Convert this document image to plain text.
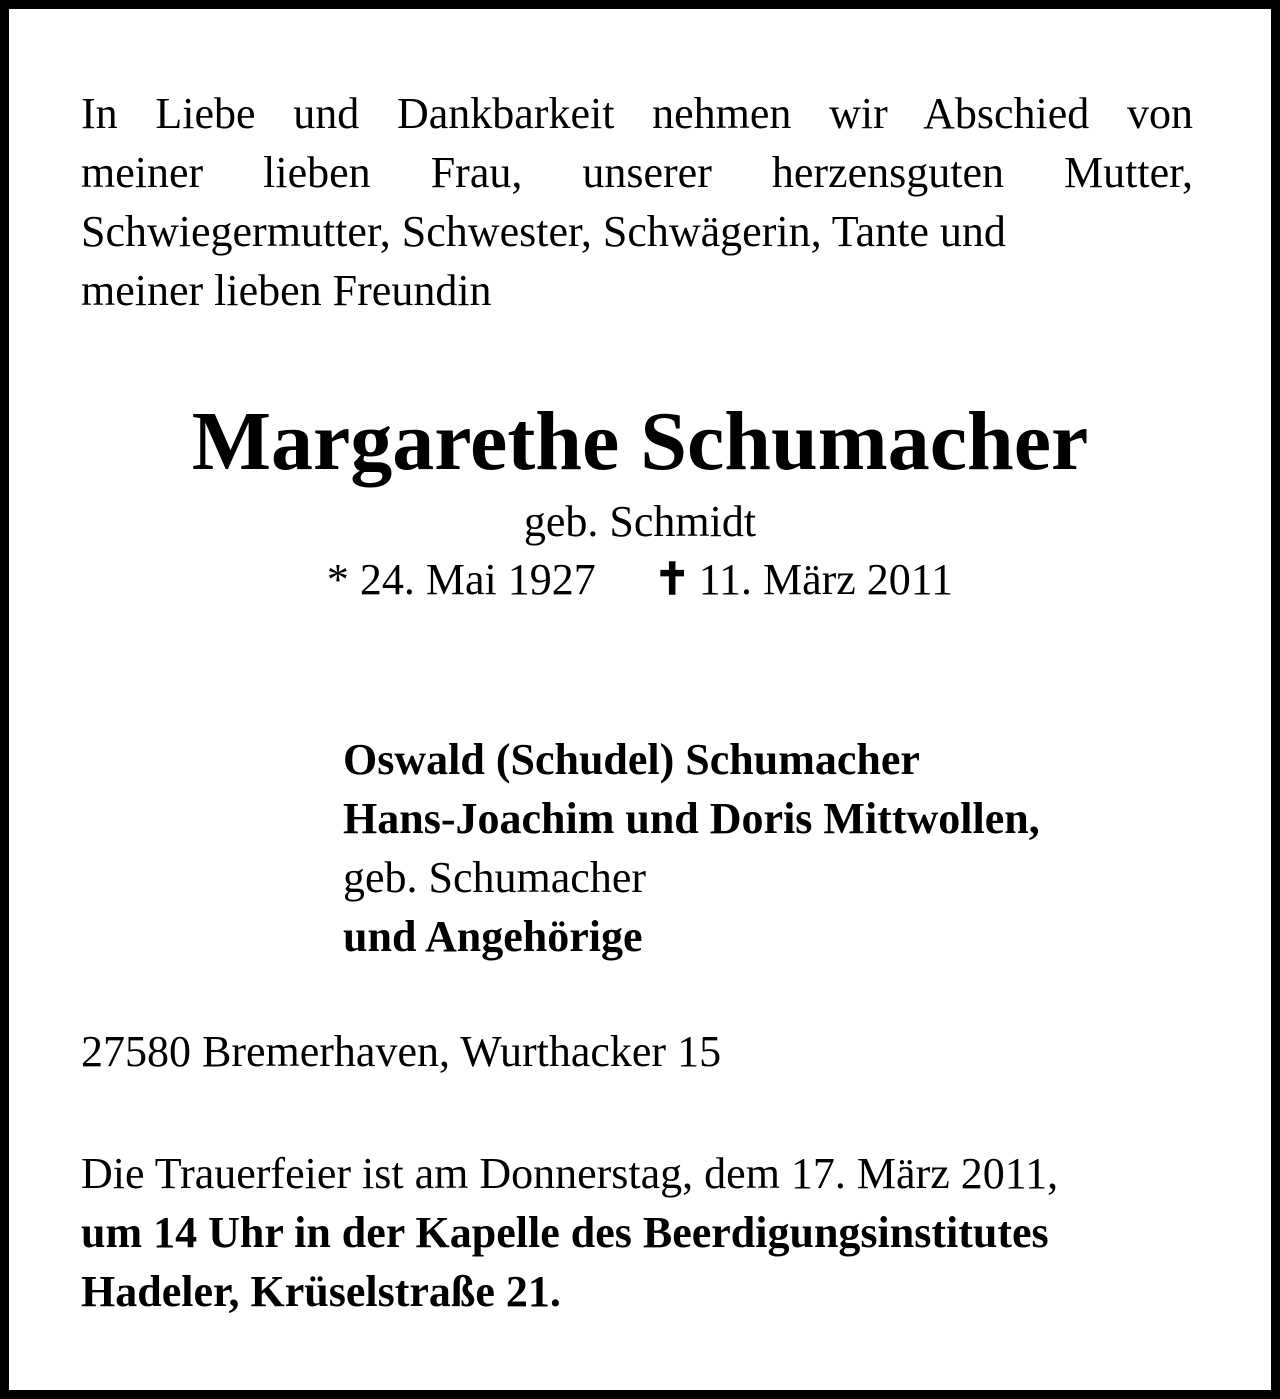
In Liebe und Dankbarkeit nehmen wir Abschied von
meiner lieben Frau, unserer herzensguten Mutter,
Schwiegermutter, Schwester, Schwägerin, Tante und
meiner lieben Freundin
Margarethe Schumacher
geb. Schmidt
* 24. Mai 1927 ✝ 11. März 2011
Oswald (Schudel) Schumacher
Hans-Joachim und Doris Mittwollen,
geb. Schumacher
und Angehörige
27580 Bremerhaven, Wurthacker 15
Die Trauerfeier ist am Donnerstag, dem 17. März 2011,
um 14 Uhr in der Kapelle des Beerdigungsinstitutes
Hadeler, Krüselstraße 21.
